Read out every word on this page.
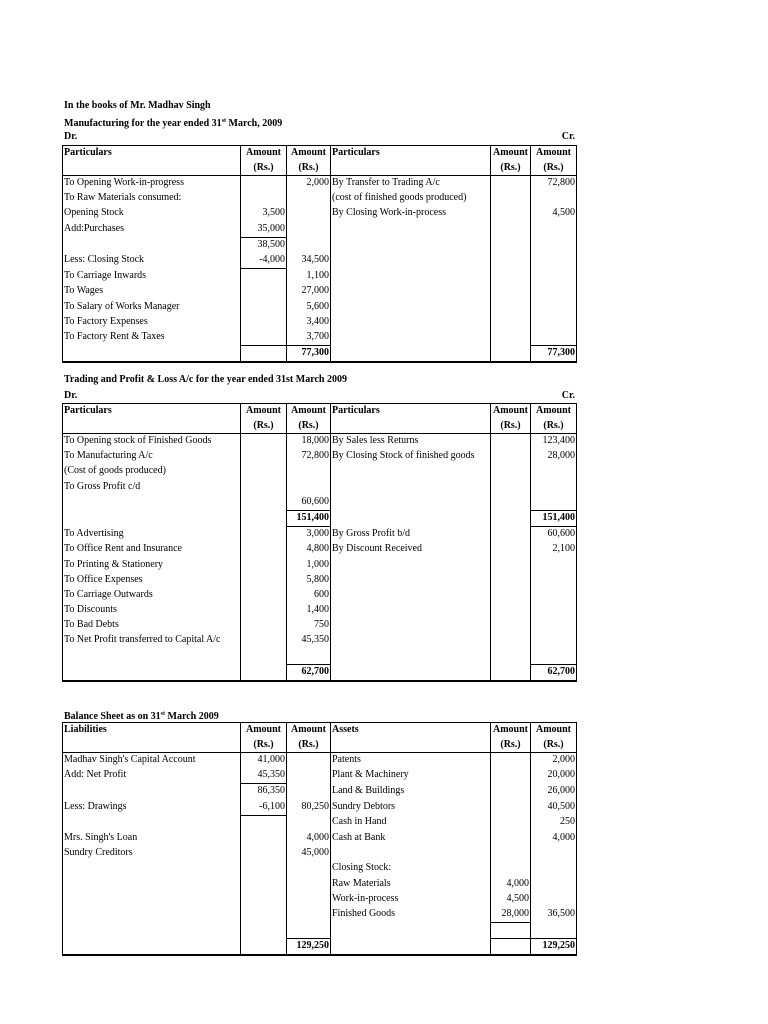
In the books of Mr. Madhav Singh
Manufacturing for the year ended 31st March, 2009
Dr.	Cr.
Particulars	Amount	Amount	Particulars	Amount	Amount
	(Rs.)	(Rs.)		(Rs.)	(Rs.)
To Opening Work-in-progress		2,000	By Transfer to Trading A/c		72,800
To Raw Materials consumed:			(cost of finished goods produced)		
Opening Stock	3,500		By Closing Work-in-process		4,500
Add:Purchases	35,000				
	38,500				
Less: Closing Stock	-4,000	34,500			
To Carriage Inwards		1,100			
To Wages		27,000			
To Salary of Works Manager		5,600			
To Factory Expenses		3,400			
To Factory Rent & Taxes		3,700			
		77,300			77,300
Trading and Profit & Loss A/c for the year ended 31st March 2009
Dr.	Cr.
Particulars	Amount	Amount	Particulars	Amount	Amount
	(Rs.)	(Rs.)		(Rs.)	(Rs.)
To Opening stock of Finished Goods		18,000	By Sales less Returns		123,400
To Manufacturing A/c		72,800	By Closing Stock of finished goods		28,000
(Cost of goods produced)					
To Gross Profit c/d					
		60,600			
		151,400			151,400
To Advertising		3,000	By Gross Profit b/d		60,600
To Office Rent and Insurance		4,800	By Discount Received		2,100
To Printing & Stationery		1,000			
To Office Expenses		5,800			
To Carriage Outwards		600			
To Discounts		1,400			
To Bad Debts		750			
To Net Profit transferred to Capital A/c		45,350			

		62,700			62,700
Balance Sheet as on 31st March 2009
Liabilities	Amount	Amount	Assets	Amount	Amount
	(Rs.)	(Rs.)		(Rs.)	(Rs.)
Madhav Singh's Capital Account	41,000		Patents		2,000
Add: Net Profit	45,350		Plant & Machinery		20,000
	86,350		Land & Buildings		26,000
Less: Drawings	-6,100	80,250	Sundry Debtors		40,500
			Cash in Hand		250
Mrs. Singh's Loan		4,000	Cash at Bank		4,000
Sundry Creditors		45,000			
			Closing Stock:		
			Raw Materials	4,000	
			Work-in-process	4,500	
			Finished Goods	28,000	36,500

		129,250			129,250
